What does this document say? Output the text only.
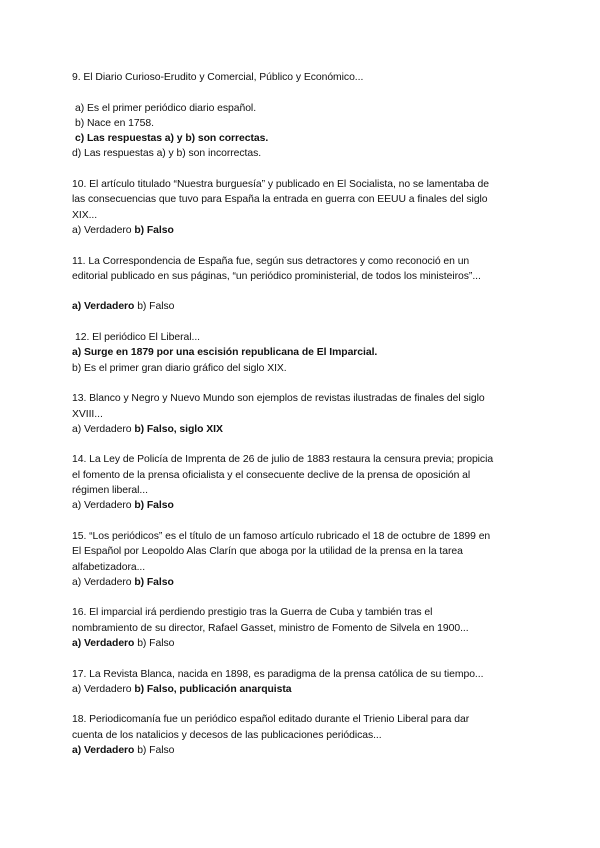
9. El Diario Curioso-Erudito y Comercial, Público y Económico...
a) Es el primer periódico diario español.
b) Nace en 1758.
c) Las respuestas a) y b) son correctas.
d) Las respuestas a) y b) son incorrectas.
10. El artículo titulado “Nuestra burguesía” y publicado en El Socialista, no se lamentaba de
las consecuencias que tuvo para España la entrada en guerra con EEUU a finales del siglo
XIX...
a) Verdadero b) Falso
11. La Correspondencia de España fue, según sus detractores y como reconoció en un
editorial publicado en sus páginas, “un periódico proministerial, de todos los ministeiros”...
a) Verdadero b) Falso
12. El periódico El Liberal...
a) Surge en 1879 por una escisión republicana de El Imparcial.
b) Es el primer gran diario gráfico del siglo XIX.
13. Blanco y Negro y Nuevo Mundo son ejemplos de revistas ilustradas de finales del siglo
XVIII...
a) Verdadero b) Falso, siglo XIX
14. La Ley de Policía de Imprenta de 26 de julio de 1883 restaura la censura previa; propicia
el fomento de la prensa oficialista y el consecuente declive de la prensa de oposición al
régimen liberal...
a) Verdadero b) Falso
15. “Los periódicos” es el título de un famoso artículo rubricado el 18 de octubre de 1899 en
El Español por Leopoldo Alas Clarín que aboga por la utilidad de la prensa en la tarea
alfabetizadora...
a) Verdadero b) Falso
16. El imparcial irá perdiendo prestigio tras la Guerra de Cuba y también tras el
nombramiento de su director, Rafael Gasset, ministro de Fomento de Silvela en 1900...
a) Verdadero b) Falso
17. La Revista Blanca, nacida en 1898, es paradigma de la prensa católica de su tiempo...
a) Verdadero b) Falso, publicación anarquista
18. Periodicomanía fue un periódico español editado durante el Trienio Liberal para dar
cuenta de los natalicios y decesos de las publicaciones periódicas...
a) Verdadero b) Falso
